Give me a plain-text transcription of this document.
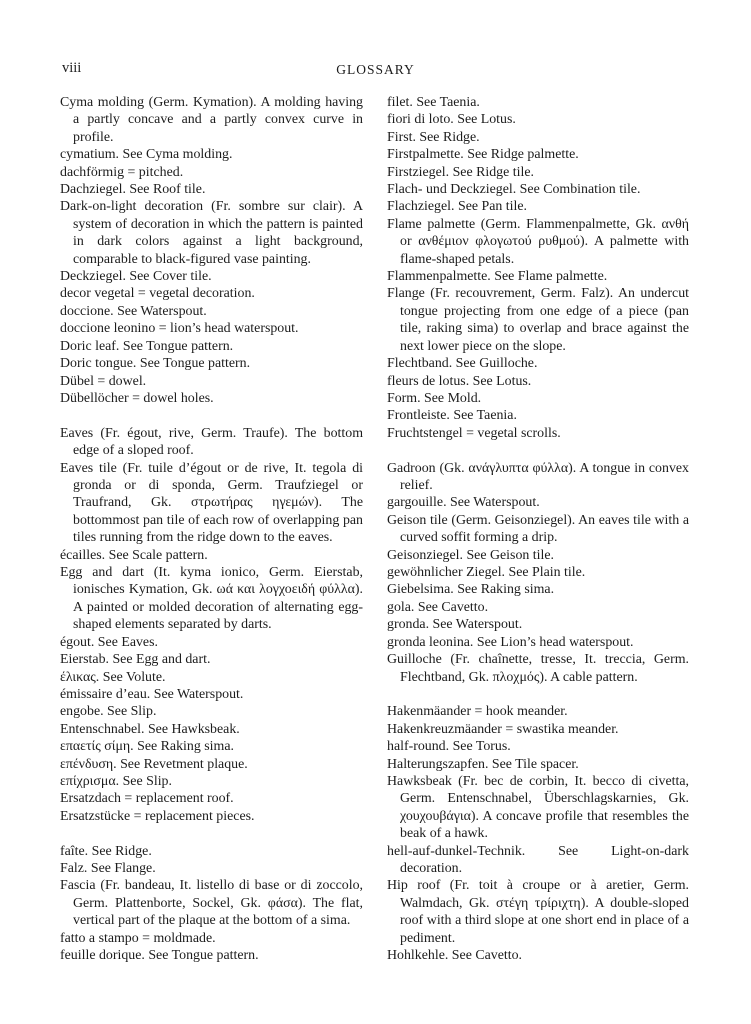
viii	GLOSSARY

Cyma molding (Germ. Kymation). A molding having a partly concave and a partly convex curve in profile.

cymatium. See Cyma molding.

dachförmig = pitched.

Dachziegel. See Roof tile.

Dark-on-light decoration (Fr. sombre sur clair). A system of decoration in which the pattern is painted in dark colors against a light background, comparable to black-figured vase painting.

Deckziegel. See Cover tile.

decor vegetal = vegetal decoration.

doccione. See Waterspout.

doccione leonino = lion’s head waterspout.

Doric leaf. See Tongue pattern.

Doric tongue. See Tongue pattern.

Dübel = dowel.

Dübellöcher = dowel holes.

Eaves (Fr. égout, rive, Germ. Traufe). The bottom edge of a sloped roof.

Eaves tile (Fr. tuile d’égout or de rive, It. tegola di gronda or di sponda, Germ. Traufziegel or Traufrand, Gk. στρωτήρας ηγεμών). The bottommost pan tile of each row of overlapping pan tiles running from the ridge down to the eaves.

écailles. See Scale pattern.

Egg and dart (It. kyma ionico, Germ. Eierstab, ionisches Kymation, Gk. ωά και λογχοειδή φύλλα). A painted or molded decoration of alternating egg-shaped elements separated by darts.

égout. See Eaves.

Eierstab. See Egg and dart.

έλικας. See Volute.

émissaire d’eau. See Waterspout.

engobe. See Slip.

Entenschnabel. See Hawksbeak.

επαετίς σίμη. See Raking sima.

επένδυση. See Revetment plaque.

επίχρισμα. See Slip.

Ersatzdach = replacement roof.

Ersatzstücke = replacement pieces.

faîte. See Ridge.

Falz. See Flange.

Fascia (Fr. bandeau, It. listello di base or di zoccolo, Germ. Plattenborte, Sockel, Gk. φάσα). The flat, vertical part of the plaque at the bottom of a sima.

fatto a stampo = moldmade.

feuille dorique. See Tongue pattern.

filet. See Taenia.

fiori di loto. See Lotus.

First. See Ridge.

Firstpalmette. See Ridge palmette.

Firstziegel. See Ridge tile.

Flach- und Deckziegel. See Combination tile.

Flachziegel. See Pan tile.

Flame palmette (Germ. Flammenpalmette, Gk. ανθή or ανθέμιον φλογωτού ρυθμού). A palmette with flame-shaped petals.

Flammenpalmette. See Flame palmette.

Flange (Fr. recouvrement, Germ. Falz). An undercut tongue projecting from one edge of a piece (pan tile, raking sima) to overlap and brace against the next lower piece on the slope.

Flechtband. See Guilloche.

fleurs de lotus. See Lotus.

Form. See Mold.

Frontleiste. See Taenia.

Fruchtstengel = vegetal scrolls.

Gadroon (Gk. ανάγλυπτα φύλλα). A tongue in convex relief.

gargouille. See Waterspout.

Geison tile (Germ. Geisonziegel). An eaves tile with a curved soffit forming a drip.

Geisonziegel. See Geison tile.

gewöhnlicher Ziegel. See Plain tile.

Giebelsima. See Raking sima.

gola. See Cavetto.

gronda. See Waterspout.

gronda leonina. See Lion’s head waterspout.

Guilloche (Fr. chaînette, tresse, It. treccia, Germ. Flechtband, Gk. πλοχμός). A cable pattern.

Hakenmäander = hook meander.

Hakenkreuzmäander = swastika meander.

half-round. See Torus.

Halterungszapfen. See Tile spacer.

Hawksbeak (Fr. bec de corbin, It. becco di civetta, Germ. Entenschnabel, Überschlagskarnies, Gk. χουχουβάγια). A concave profile that resembles the beak of a hawk.

hell-auf-dunkel-Technik. See Light-on-dark decoration.

Hip roof (Fr. toit à croupe or à aretier, Germ. Walmdach, Gk. στέγη τρίριχτη). A double-sloped roof with a third slope at one short end in place of a pediment.

Hohlkehle. See Cavetto.
